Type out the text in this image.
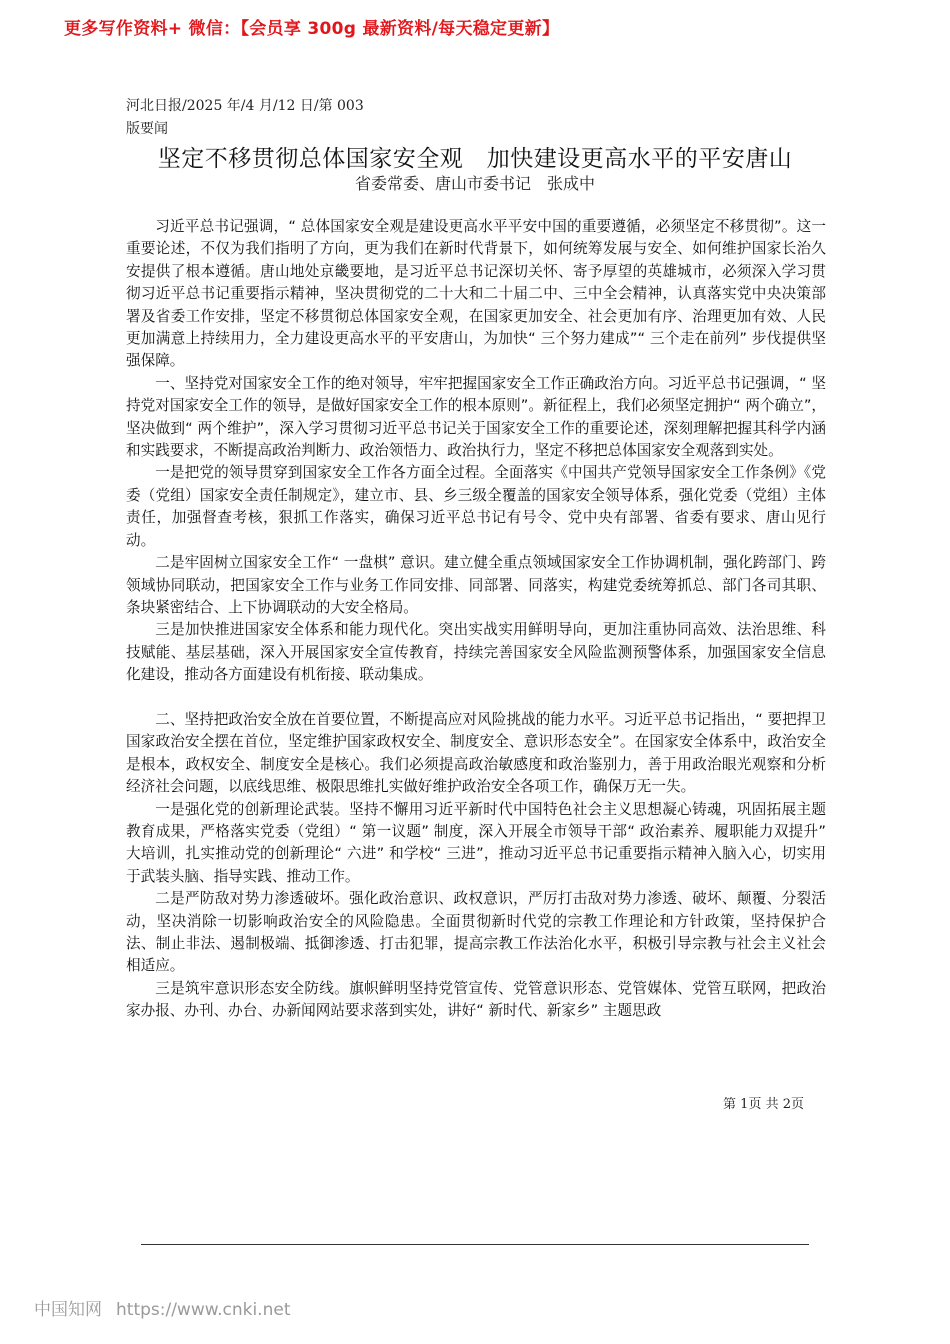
更多写作资料+ 微信：【会员享 300g 最新资料/每天稳定更新】
河北日报/2025 年/4 月/12 日/第 003
版要闻
坚定不移贯彻总体国家安全观　加快建设更高水平的平安唐山
省委常委、唐山市委书记　张成中

习近平总书记强调，“ 总体国家安全观是建设更高水平平安中国的重要遵循，必须坚定不移贯彻”。这一重要论述，不仅为我们指明了方向，更为我们在新时代背景下，如何统筹发展与安全、如何维护国家长治久安提供了根本遵循。唐山地处京畿要地，是习近平总书记深切关怀、寄予厚望的英雄城市，必须深入学习贯彻习近平总书记重要指示精神，坚决贯彻党的二十大和二十届二中、三中全会精神，认真落实党中央决策部署及省委工作安排，坚定不移贯彻总体国家安全观，在国家更加安全、社会更加有序、治理更加有效、人民更加满意上持续用力，全力建设更高水平的平安唐山，为加快“ 三个努力建成”“ 三个走在前列” 步伐提供坚强保障。

一、坚持党对国家安全工作的绝对领导，牢牢把握国家安全工作正确政治方向。习近平总书记强调，“ 坚持党对国家安全工作的领导，是做好国家安全工作的根本原则”。新征程上，我们必须坚定拥护“ 两个确立”，坚决做到“ 两个维护”，深入学习贯彻习近平总书记关于国家安全工作的重要论述，深刻理解把握其科学内涵和实践要求，不断提高政治判断力、政治领悟力、政治执行力，坚定不移把总体国家安全观落到实处。

一是把党的领导贯穿到国家安全工作各方面全过程。全面落实《中国共产党领导国家安全工作条例》《党委（党组）国家安全责任制规定》，建立市、县、乡三级全覆盖的国家安全领导体系，强化党委（党组）主体责任，加强督查考核，狠抓工作落实，确保习近平总书记有号令、党中央有部署、省委有要求、唐山见行动。

二是牢固树立国家安全工作“ 一盘棋” 意识。建立健全重点领域国家安全工作协调机制，强化跨部门、跨领域协同联动，把国家安全工作与业务工作同安排、同部署、同落实，构建党委统筹抓总、部门各司其职、条块紧密结合、上下协调联动的大安全格局。

三是加快推进国家安全体系和能力现代化。突出实战实用鲜明导向，更加注重协同高效、法治思维、科技赋能、基层基础，深入开展国家安全宣传教育，持续完善国家安全风险监测预警体系，加强国家安全信息化建设，推动各方面建设有机衔接、联动集成。

二、坚持把政治安全放在首要位置，不断提高应对风险挑战的能力水平。习近平总书记指出，“ 要把捍卫国家政治安全摆在首位，坚定维护国家政权安全、制度安全、意识形态安全”。在国家安全体系中，政治安全是根本，政权安全、制度安全是核心。我们必须提高政治敏感度和政治鉴别力，善于用政治眼光观察和分析经济社会问题，以底线思维、极限思维扎实做好维护政治安全各项工作，确保万无一失。

一是强化党的创新理论武装。坚持不懈用习近平新时代中国特色社会主义思想凝心铸魂，巩固拓展主题教育成果，严格落实党委（党组）“ 第一议题” 制度，深入开展全市领导干部“ 政治素养、履职能力双提升” 大培训，扎实推动党的创新理论“ 六进” 和学校“ 三进”，推动习近平总书记重要指示精神入脑入心，切实用于武装头脑、指导实践、推动工作。

二是严防敌对势力渗透破坏。强化政治意识、政权意识，严厉打击敌对势力渗透、破坏、颠覆、分裂活动，坚决消除一切影响政治安全的风险隐患。全面贯彻新时代党的宗教工作理论和方针政策，坚持保护合法、制止非法、遏制极端、抵御渗透、打击犯罪，提高宗教工作法治化水平，积极引导宗教与社会主义社会相适应。

三是筑牢意识形态安全防线。旗帜鲜明坚持党管宣传、党管意识形态、党管媒体、党管互联网，把政治家办报、办刊、办台、办新闻网站要求落到实处，讲好“ 新时代、新家乡” 主题思政

第 1页 共 2页
中国知网 https://www.cnki.net
